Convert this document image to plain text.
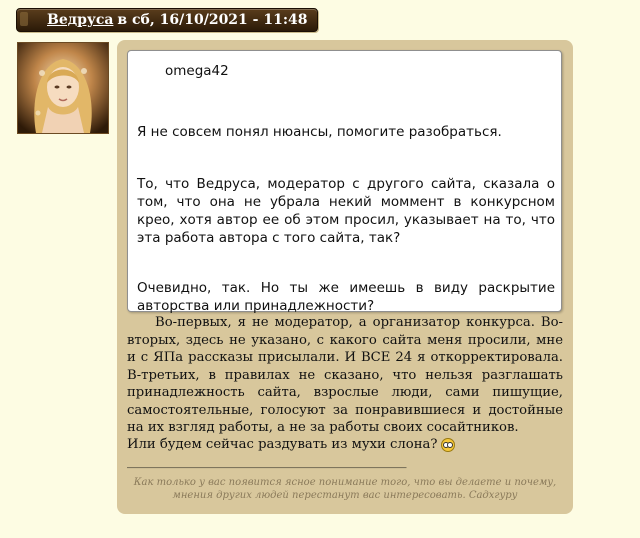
Ведруса в сб, 16/10/2021 - 11:48
omega42

Я не совсем понял нюансы, помогите разобраться.

То, что Ведруса, модератор с другого сайта, сказала о том, что она не убрала некий моммент в конкурсном крео, хотя автор ее об этом просил, указывает на то, что эта работа автора с того сайта, так?

Очевидно, так. Но ты же имеешь в виду раскрытие авторства или принадлежности?

Во-первых, я не модератор, а организатор конкурса. Во-вторых, здесь не указано, с какого сайта меня просили, мне и с ЯПа рассказы присылали. И ВСЕ 24 я откорректировала. В-третьих, в правилах не сказано, что нельзя разглашать принадлежность сайта, взрослые люди, сами пишущие, самостоятельные, голосуют за понравившиеся и достойные на их взгляд работы, а не за работы своих сосайтников.

Или будем сейчас раздувать из мухи слона?
___________________________________________

Как только у вас появится ясное понимание того, что вы делаете и почему, мнения других людей перестанут вас интересовать. Садхгуру
